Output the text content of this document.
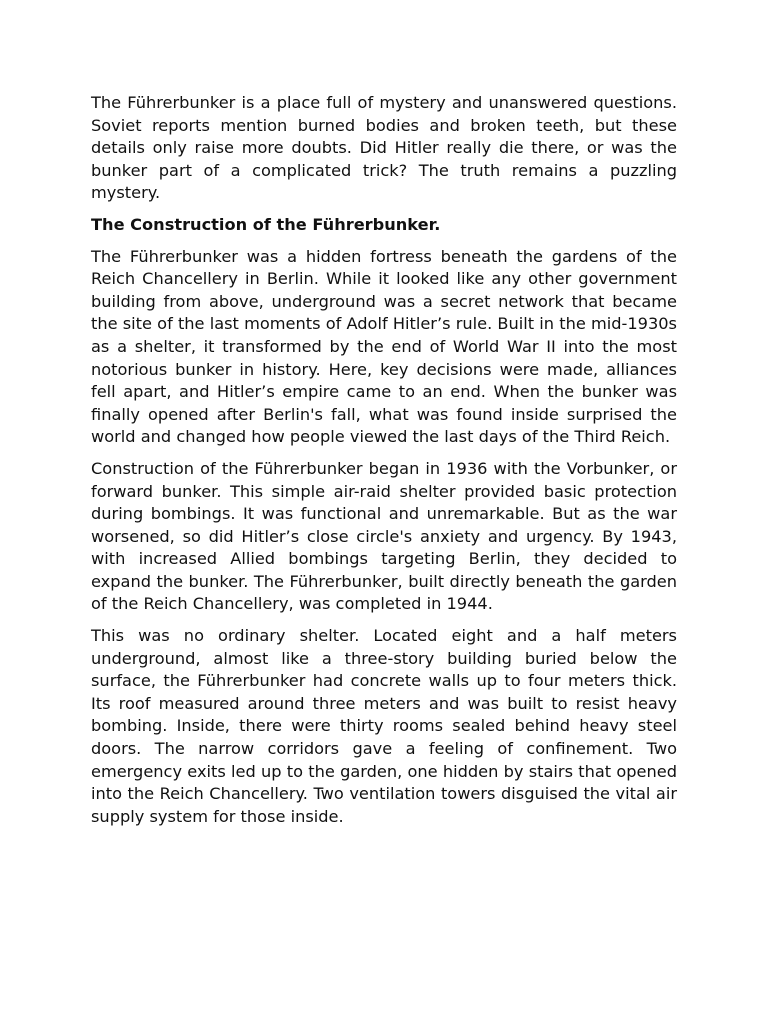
The Führerbunker is a place full of mystery and unanswered questions. Soviet reports mention burned bodies and broken teeth, but these details only raise more doubts. Did Hitler really die there, or was the bunker part of a complicated trick? The truth remains a puzzling mystery.

The Construction of the Führerbunker.

The Führerbunker was a hidden fortress beneath the gardens of the Reich Chancellery in Berlin. While it looked like any other government building from above, underground was a secret network that became the site of the last moments of Adolf Hitler’s rule. Built in the mid-1930s as a shelter, it transformed by the end of World War II into the most notorious bunker in history. Here, key decisions were made, alliances fell apart, and Hitler’s empire came to an end. When the bunker was finally opened after Berlin's fall, what was found inside surprised the world and changed how people viewed the last days of the Third Reich.

Construction of the Führerbunker began in 1936 with the Vorbunker, or forward bunker. This simple air-raid shelter provided basic protection during bombings. It was functional and unremarkable. But as the war worsened, so did Hitler’s close circle's anxiety and urgency. By 1943, with increased Allied bombings targeting Berlin, they decided to expand the bunker. The Führerbunker, built directly beneath the garden of the Reich Chancellery, was completed in 1944.

This was no ordinary shelter. Located eight and a half meters underground, almost like a three-story building buried below the surface, the Führerbunker had concrete walls up to four meters thick. Its roof measured around three meters and was built to resist heavy bombing. Inside, there were thirty rooms sealed behind heavy steel doors. The narrow corridors gave a feeling of confinement. Two emergency exits led up to the garden, one hidden by stairs that opened into the Reich Chancellery. Two ventilation towers disguised the vital air supply system for those inside.
